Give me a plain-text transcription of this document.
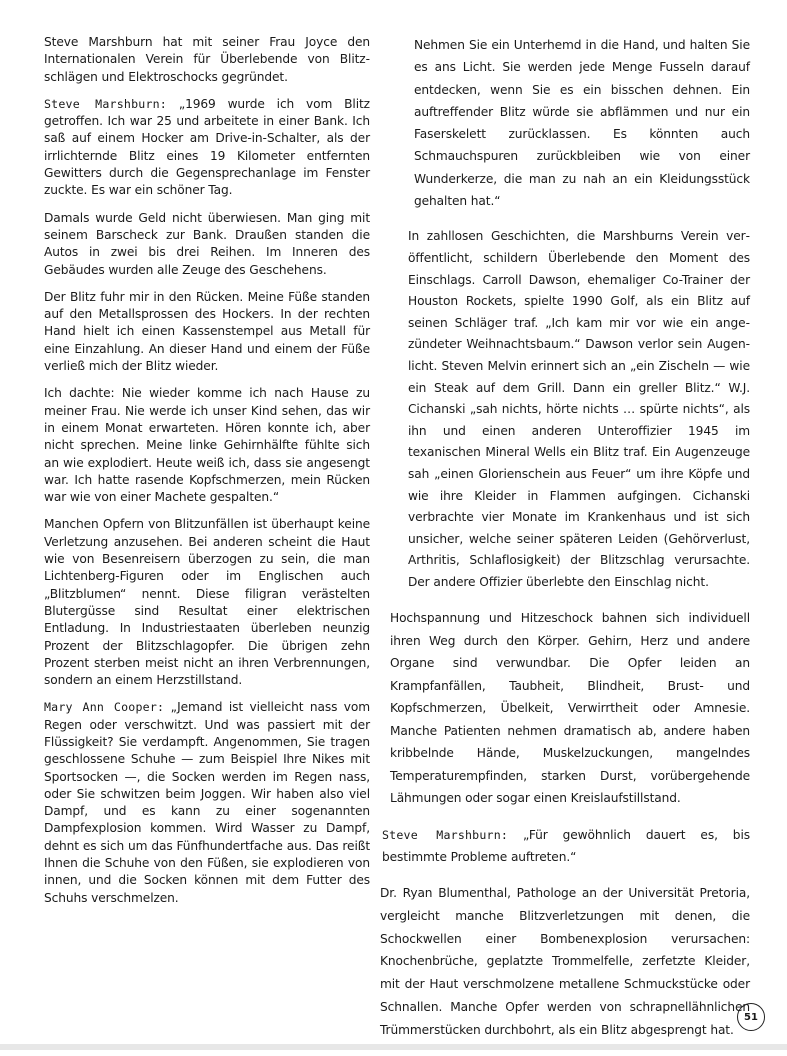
Steve Marshburn hat mit seiner Frau Joyce den Internationalen Verein für Überlebende von Blitzschlägen und Elektroschocks gegründet.

Steve Marshburn: „1969 wurde ich vom Blitz getroffen. Ich war 25 und arbeitete in einer Bank. Ich saß auf einem Hocker am Drive-in-Schalter, als der irrlichternde Blitz eines 19 Kilometer entfernten Gewitters durch die Gegensprechanlage im Fenster zuckte. Es war ein schöner Tag.

Damals wurde Geld nicht überwiesen. Man ging mit seinem Barscheck zur Bank. Draußen standen die Autos in zwei bis drei Reihen. Im Inneren des Gebäudes wurden alle Zeuge des Geschehens.

Der Blitz fuhr mir in den Rücken. Meine Füße standen auf den Metallsprossen des Hockers. In der rechten Hand hielt ich einen Kassenstempel aus Metall für eine Einzahlung. An dieser Hand und einem der Füße verließ mich der Blitz wieder.

Ich dachte: Nie wieder komme ich nach Hause zu meiner Frau. Nie werde ich unser Kind sehen, das wir in einem Monat erwarteten. Hören konnte ich, aber nicht sprechen. Meine linke Gehirnhälfte fühlte sich an wie explodiert. Heute weiß ich, dass sie angesengt war. Ich hatte rasende Kopfschmerzen, mein Rücken war wie von einer Machete gespalten.“

Manchen Opfern von Blitzunfällen ist überhaupt keine Verletzung anzusehen. Bei anderen scheint die Haut wie von Besenreisern überzogen zu sein, die man Lichtenberg-Figuren oder im Englischen auch „Blitzblumen“ nennt. Diese filigran verästelten Blutergüsse sind Resultat einer elektrischen Entladung. In Industriestaaten überleben neunzig Prozent der Blitzschlagopfer. Die übrigen zehn Prozent sterben meist nicht an ihren Verbrennungen, sondern an einem Herzstillstand.

Mary Ann Cooper: „Jemand ist vielleicht nass vom Regen oder verschwitzt. Und was passiert mit der Flüssigkeit? Sie verdampft. Angenommen, Sie tragen geschlossene Schuhe — zum Beispiel Ihre Nikes mit Sportsocken —, die Socken werden im Regen nass, oder Sie schwitzen beim Joggen. Wir haben also viel Dampf, und es kann zu einer sogenannten Dampfexplosion kommen. Wird Wasser zu Dampf, dehnt es sich um das Fünfhundertfache aus. Das reißt Ihnen die Schuhe von den Füßen, sie explodieren von innen, und die Socken können mit dem Futter des Schuhs verschmelzen.

Nehmen Sie ein Unterhemd in die Hand, und halten Sie es ans Licht. Sie werden jede Menge Fusseln darauf entdecken, wenn Sie es ein bisschen dehnen. Ein auftreffender Blitz würde sie abflämmen und nur ein Faserskelett zurücklassen. Es könnten auch Schmauchspuren zurückbleiben wie von einer Wunderkerze, die man zu nah an ein Kleidungsstück gehalten hat.“

In zahllosen Geschichten, die Marshburns Verein veröffentlicht, schildern Überlebende den Moment des Einschlags. Carroll Dawson, ehemaliger Co-Trainer der Houston Rockets, spielte 1990 Golf, als ein Blitz auf seinen Schläger traf. „Ich kam mir vor wie ein angezündeter Weihnachtsbaum.“ Dawson verlor sein Augenlicht. Steven Melvin erinnert sich an „ein Zischeln — wie ein Steak auf dem Grill. Dann ein greller Blitz.“ W.J. Cichanski „sah nichts, hörte nichts … spürte nichts“, als ihn und einen anderen Unteroffizier 1945 im texanischen Mineral Wells ein Blitz traf. Ein Augenzeuge sah „einen Glorienschein aus Feuer“ um ihre Köpfe und wie ihre Kleider in Flammen aufgingen. Cichanski verbrachte vier Monate im Krankenhaus und ist sich unsicher, welche seiner späteren Leiden (Gehörverlust, Arthritis, Schlaflosigkeit) der Blitzschlag verursachte. Der andere Offizier überlebte den Einschlag nicht.

Hochspannung und Hitzeschock bahnen sich individuell ihren Weg durch den Körper. Gehirn, Herz und andere Organe sind verwundbar. Die Opfer leiden an Krampfanfällen, Taubheit, Blindheit, Brust- und Kopfschmerzen, Übelkeit, Verwirrtheit oder Amnesie. Manche Patienten nehmen dramatisch ab, andere haben kribbelnde Hände, Muskelzuckungen, mangelndes Temperaturempfinden, starken Durst, vorübergehende Lähmungen oder sogar einen Kreislaufstillstand.

Steve Marshburn: „Für gewöhnlich dauert es, bis bestimmte Probleme auftreten.“

Dr. Ryan Blumenthal, Pathologe an der Universität Pretoria, vergleicht manche Blitzverletzungen mit denen, die Schockwellen einer Bombenexplosion verursachen: Knochenbrüche, geplatzte Trommelfelle, zerfetzte Kleider, mit der Haut verschmolzene metallene Schmuckstücke oder Schnallen. Manche Opfer werden von schrapnellähnlichen Trümmerstücken durchbohrt, als ein Blitz abgesprengt hat.

51
